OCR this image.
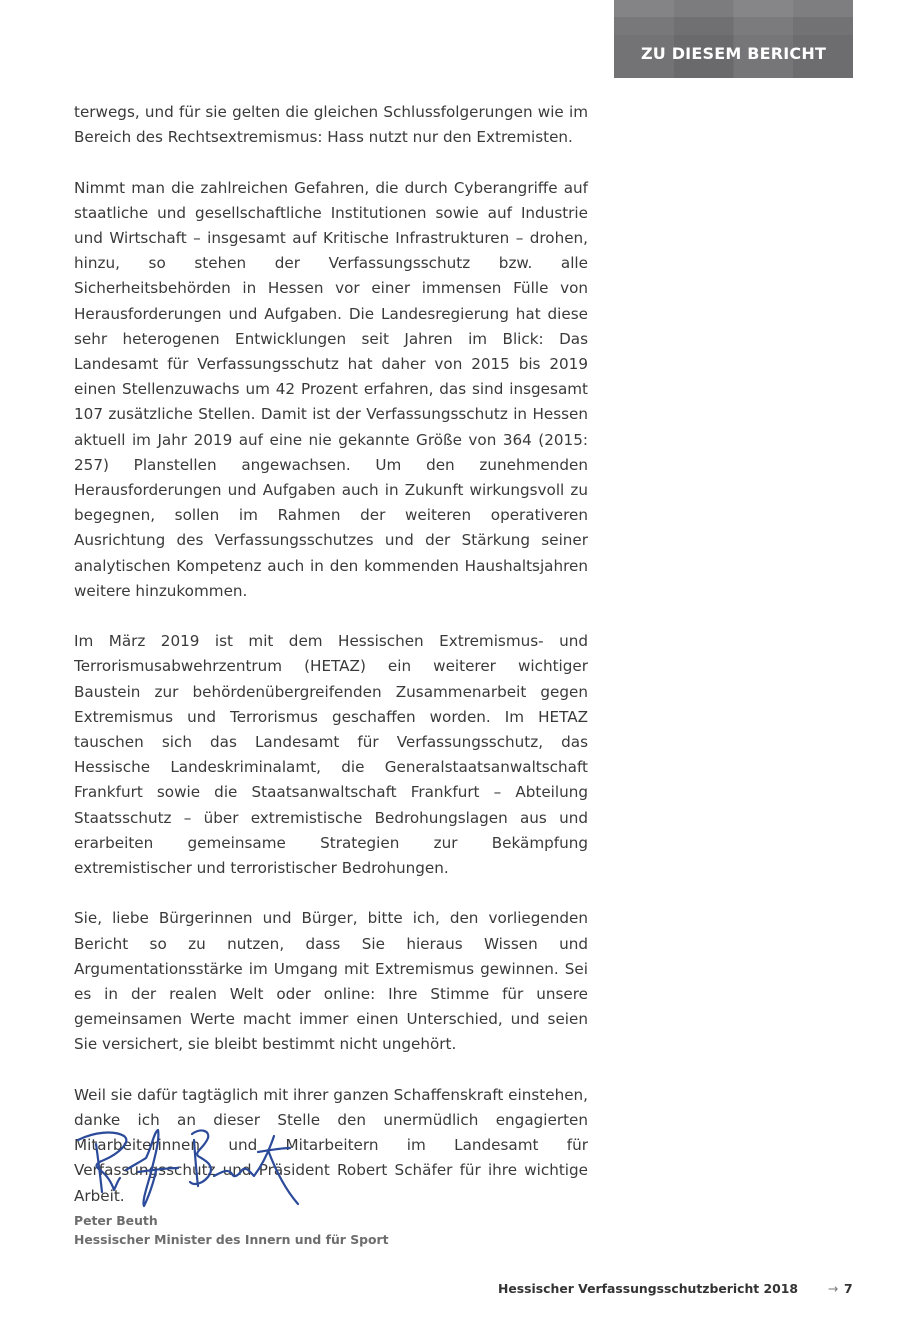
ZU DIESEM BERICHT

terwegs, und für sie gelten die gleichen Schlussfolgerungen wie im Bereich des Rechtsextremismus: Hass nutzt nur den Extremisten.

Nimmt man die zahlreichen Gefahren, die durch Cyberangriffe auf staatliche und gesellschaftliche Institutionen sowie auf Industrie und Wirtschaft – insgesamt auf Kritische Infrastrukturen – drohen, hinzu, so stehen der Verfassungsschutz bzw. alle Sicherheitsbehörden in Hessen vor einer immensen Fülle von Herausforderungen und Aufgaben. Die Landesregierung hat diese sehr heterogenen Entwicklungen seit Jahren im Blick: Das Landesamt für Verfassungsschutz hat daher von 2015 bis 2019 einen Stellenzuwachs um 42 Prozent erfahren, das sind insgesamt 107 zusätzliche Stellen. Damit ist der Verfassungsschutz in Hessen aktuell im Jahr 2019 auf eine nie gekannte Größe von 364 (2015: 257) Planstellen angewachsen. Um den zunehmenden Herausforderungen und Aufgaben auch in Zukunft wirkungsvoll zu begegnen, sollen im Rahmen der weiteren operativeren Ausrichtung des Verfassungsschutzes und der Stärkung seiner analytischen Kompetenz auch in den kommenden Haushaltsjahren weitere hinzukommen.

Im März 2019 ist mit dem Hessischen Extremismus- und Terrorismusabwehrzentrum (HETAZ) ein weiterer wichtiger Baustein zur behördenübergreifenden Zusammenarbeit gegen Extremismus und Terrorismus geschaffen worden. Im HETAZ tauschen sich das Landesamt für Verfassungsschutz, das Hessische Landeskriminalamt, die Generalstaatsanwaltschaft Frankfurt sowie die Staatsanwaltschaft Frankfurt – Abteilung Staatsschutz – über extremistische Bedrohungslagen aus und erarbeiten gemeinsame Strategien zur Bekämpfung extremistischer und terroristischer Bedrohungen.

Sie, liebe Bürgerinnen und Bürger, bitte ich, den vorliegenden Bericht so zu nutzen, dass Sie hieraus Wissen und Argumentationsstärke im Umgang mit Extremismus gewinnen. Sei es in der realen Welt oder online: Ihre Stimme für unsere gemeinsamen Werte macht immer einen Unterschied, und seien Sie versichert, sie bleibt bestimmt nicht ungehört.

Weil sie dafür tagtäglich mit ihrer ganzen Schaffenskraft einstehen, danke ich an dieser Stelle den unermüdlich engagierten Mitarbeiterinnen und Mitarbeitern im Landesamt für Verfassungsschutz und Präsident Robert Schäfer für ihre wichtige Arbeit.

Peter Beuth
Hessischer Minister des Innern und für Sport
Hessischer Verfassungsschutzbericht 2018 → 7
